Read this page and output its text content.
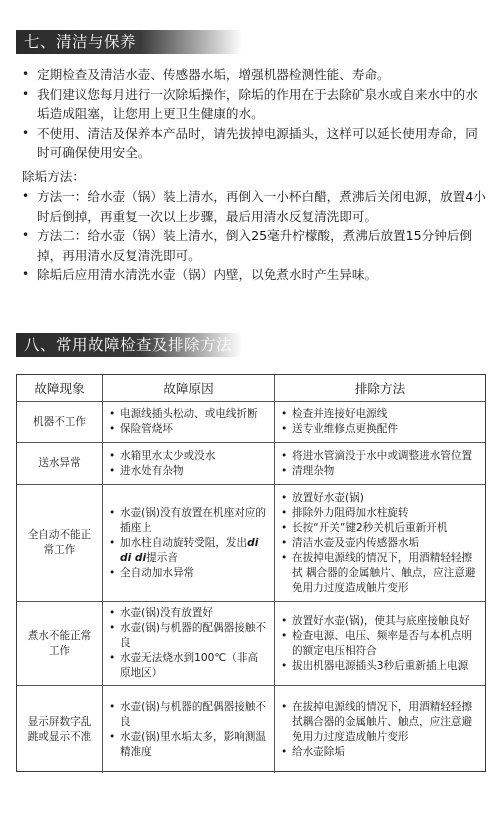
七、清洁与保养
• 定期检查及清洁水壶、传感器水垢，增强机器检测性能、寿命。
• 我们建议您每月进行一次除垢操作，除垢的作用在于去除矿泉水或自来水中的水垢造成阻塞，让您用上更卫生健康的水。
• 不使用、清洁及保养本产品时，请先拔掉电源插头，这样可以延长使用寿命，同时可确保使用安全。
除垢方法：
• 方法一：给水壶（锅）装上清水，再倒入一小杯白醋，煮沸后关闭电源，放置4小时后倒掉，再重复一次以上步骤，最后用清水反复清洗即可。
• 方法二：给水壶（锅）装上清水，倒入25毫升柠檬酸，煮沸后放置15分钟后倒掉，再用清水反复清洗即可。
• 除垢后应用清水清洗水壶（锅）内壁，以免煮水时产生异味。
八、常用故障检查及排除方法
故障现象	故障原因	排除方法
机器不工作
• 电源线插头松动、或电线折断
• 保险管烧坏
• 检查并连接好电源线
• 送专业维修点更换配件
送水异常
• 水箱里水太少或没水
• 进水处有杂物
• 将进水管滴没于水中或调整进水管位置
• 清理杂物
全自动不能正常工作
• 水壶(锅)没有放置在机座对应的插座上
• 加水柱自动旋转受阻，发出di di di提示音
• 全自动加水异常
• 放置好水壶(锅)
• 排除外力阻碍加水柱旋转
• 长按“开关”键2秒关机后重新开机
• 清洁水壶及壶内传感器水垢
• 在拔掉电源线的情况下，用酒精轻轻擦拭 耦合器的金属触片、触点，应注意避免用力过度造成触片变形
煮水不能正常工作
• 水壶(锅)没有放置好
• 水壶(锅)与机器的配偶器接触不良
• 水壶无法烧水到100℃（非高原地区）
• 放置好水壶(锅)，使其与底座接触良好
• 检查电源、电压、频率是否与本机点明的额定电压相符合
• 拔出机器电源插头3秒后重新插上电源
显示屏数字乱跳或显示不准
• 水壶(锅)与机器的配偶器接触不良
• 水壶(锅)里水垢太多，影响测温精准度
• 在拔掉电源线的情况下，用酒精轻轻擦拭耦合器的金属触片、触点，应注意避免用力过度造成触片变形
• 给水壶除垢
